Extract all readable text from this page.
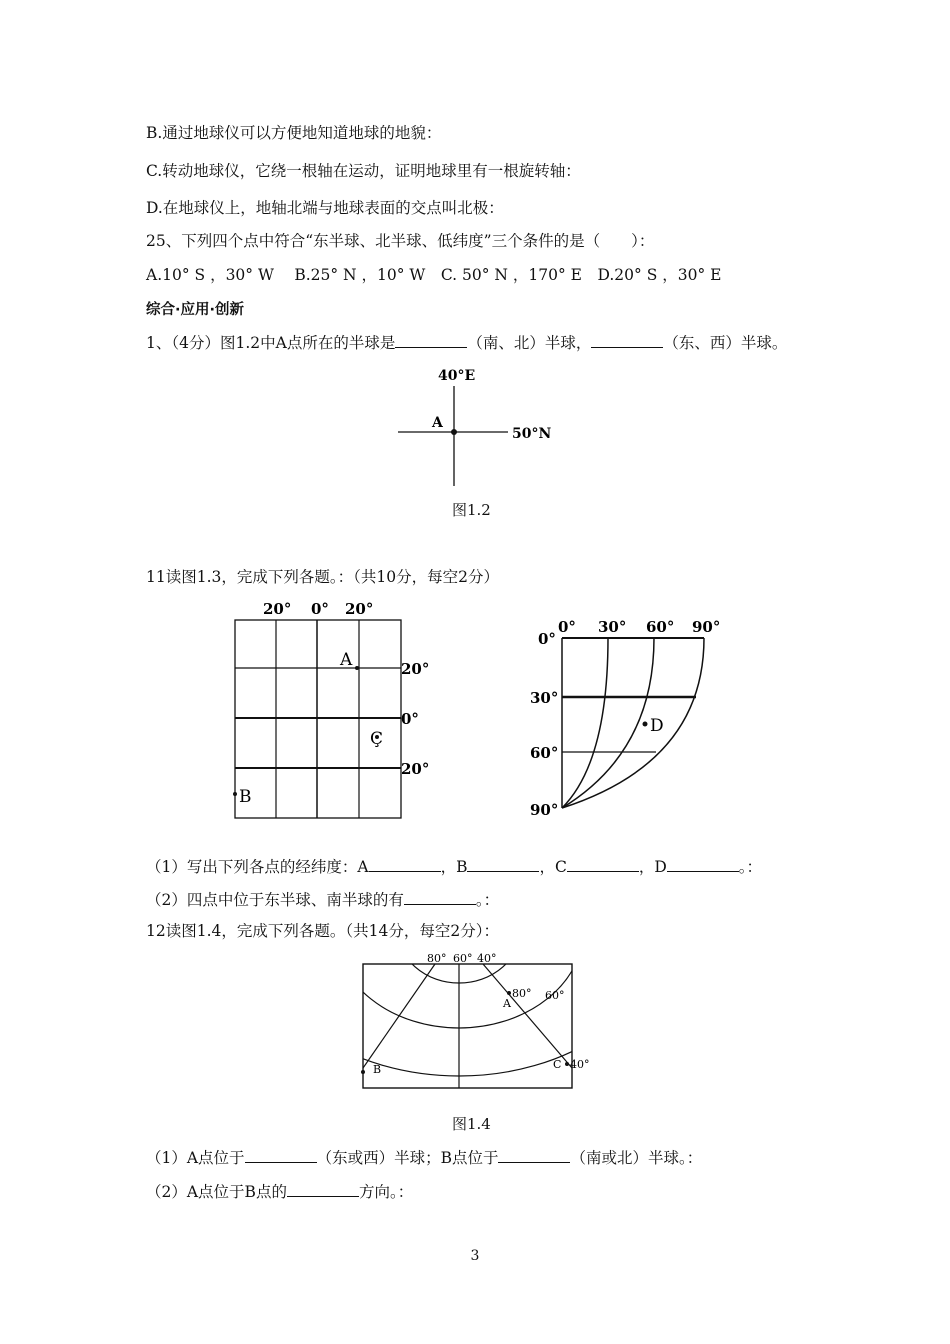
B.通过地球仪可以方便地知道地球的地貌：
C.转动地球仪，它绕一根轴在运动，证明地球里有一根旋转轴：
D.在地球仪上，地轴北端与地球表面的交点叫北极：
25、下列四个点中符合“东半球、北半球、低纬度”三个条件的是（　　）：
A.10° S ，30° W　 B.25° N ，10° W　C. 50° N ，170° E　D.20° S ，30° E
综合·应用·创新
1、（4分）图1.2中A点所在的半球是	（南、北）半球，	（东、西）半球。
40°E
A
50°N
图1.2
11读图1.3，完成下列各题。：（共10分，每空2分）
20° 0° 20°
20°
0°
20°
A
Ç
B
0° 30° 60° 90°
0°
30°
60°
90°
D
（1）写出下列各点的经纬度：A	，B	，C	，D	。：
（2）四点中位于东半球、南半球的有	。：
12读图1.4，完成下列各题。（共14分，每空2分）：
80° 60° 40°
A
80° 60°
B	C 40°
图1.4
（1）A点位于	（东或西）半球；B点位于	（南或北）半球。：
（2）A点位于B点的	方向。：
3
